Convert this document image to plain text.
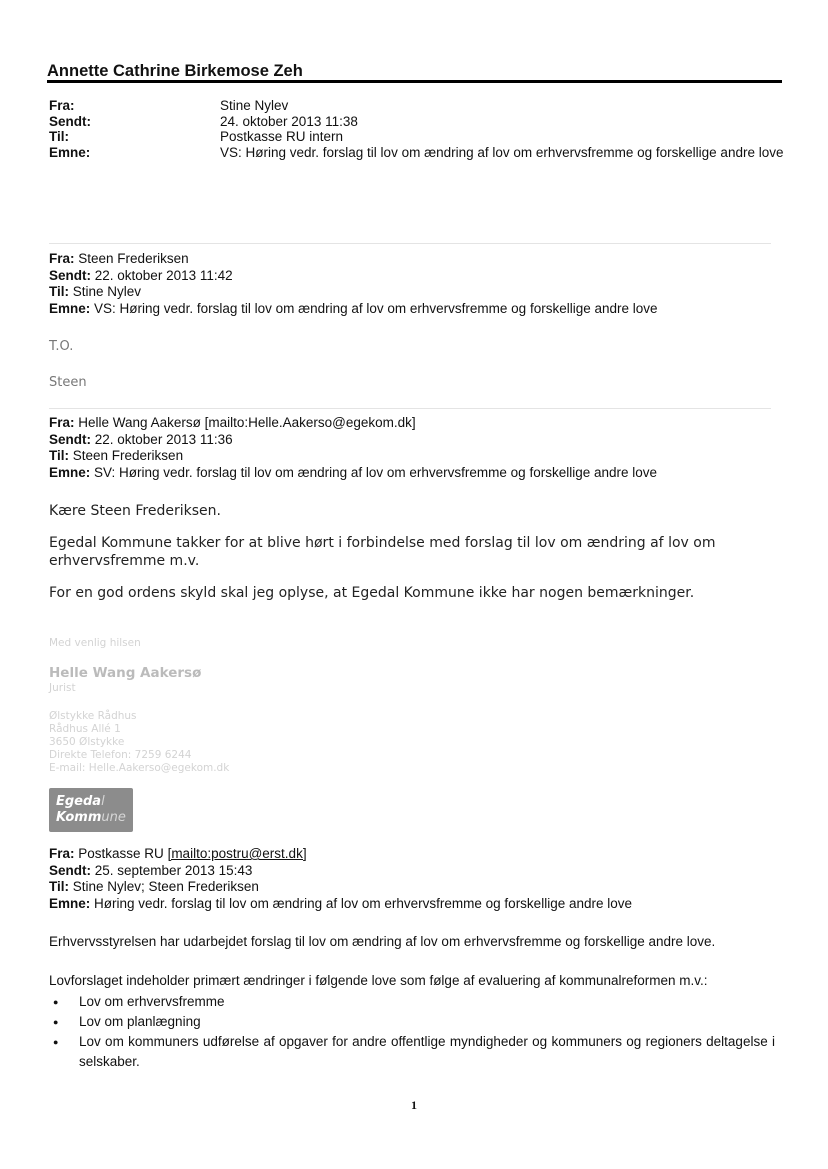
Annette Cathrine Birkemose Zeh
Fra:	Stine Nylev
Sendt:	24. oktober 2013 11:38
Til:	Postkasse RU intern
Emne:	VS: Høring vedr. forslag til lov om ændring af lov om erhvervsfremme og forskellige andre love
Fra: Steen Frederiksen
Sendt: 22. oktober 2013 11:42
Til: Stine Nylev
Emne: VS: Høring vedr. forslag til lov om ændring af lov om erhvervsfremme og forskellige andre love
T.O.
Steen
Fra: Helle Wang Aakersø [mailto:Helle.Aakerso@egekom.dk]
Sendt: 22. oktober 2013 11:36
Til: Steen Frederiksen
Emne: SV: Høring vedr. forslag til lov om ændring af lov om erhvervsfremme og forskellige andre love
Kære Steen Frederiksen.
Egedal Kommune takker for at blive hørt i forbindelse med forslag til lov om ændring af lov om erhvervsfremme m.v.
For en god ordens skyld skal jeg oplyse, at Egedal Kommune ikke har nogen bemærkninger.
Med venlig hilsen
Helle Wang Aakersø
Jurist
Ølstykke Rådhus
Rådhus Allé 1
3650 Ølstykke
Direkte Telefon: 7259 6244
E-mail: Helle.Aakerso@egekom.dk
Egedal
Kommune
Fra: Postkasse RU [mailto:postru@erst.dk]
Sendt: 25. september 2013 15:43
Til: Stine Nylev; Steen Frederiksen
Emne: Høring vedr. forslag til lov om ændring af lov om erhvervsfremme og forskellige andre love
Erhvervsstyrelsen har udarbejdet forslag til lov om ændring af lov om erhvervsfremme og forskellige andre love.
Lovforslaget indeholder primært ændringer i følgende love som følge af evaluering af kommunalreformen m.v.:
● Lov om erhvervsfremme
● Lov om planlægning
● Lov om kommuners udførelse af opgaver for andre offentlige myndigheder og kommuners og regioners deltagelse i selskaber.
1
